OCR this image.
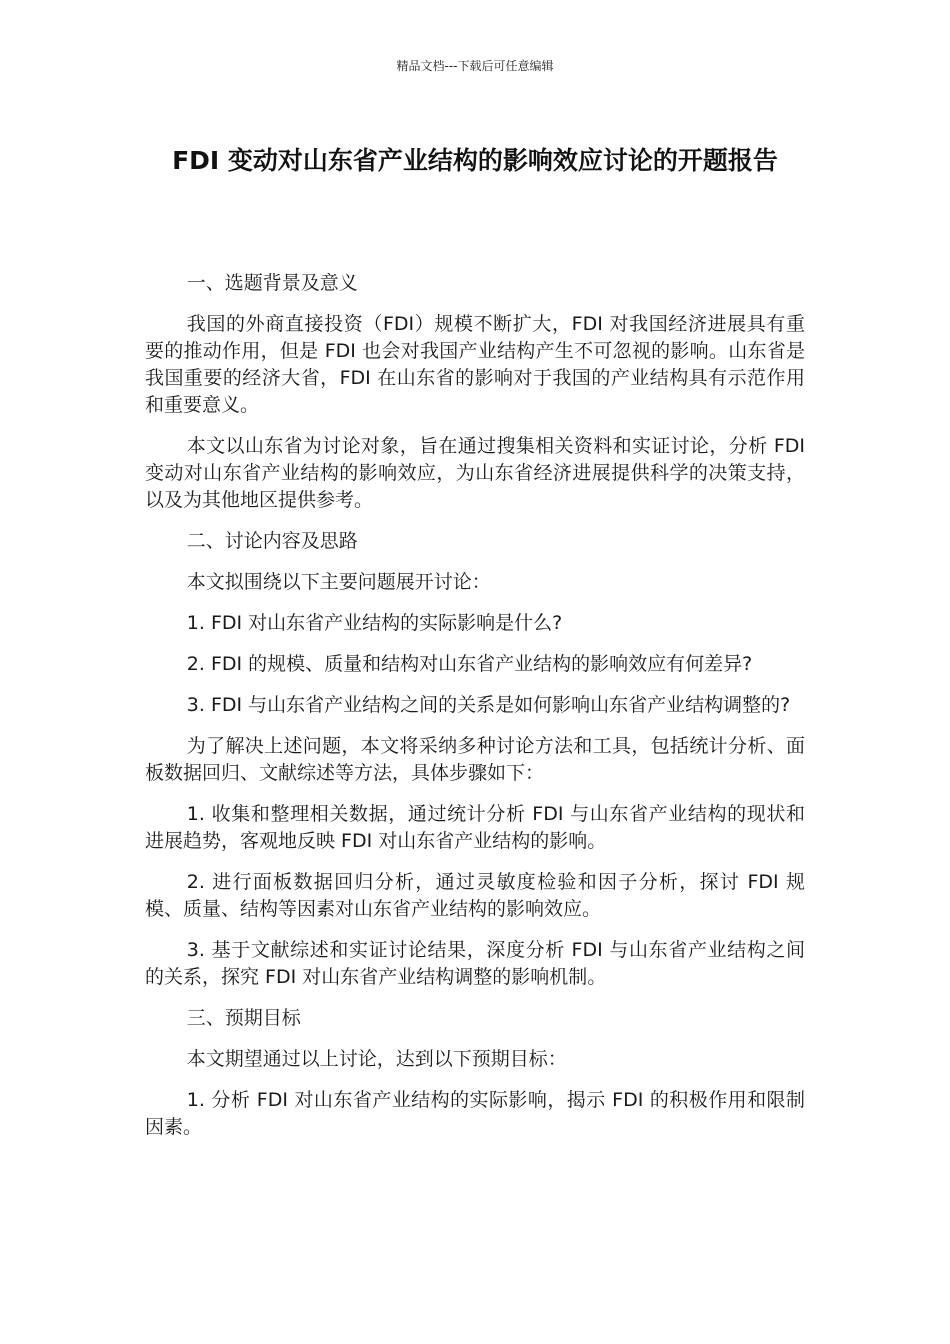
精品文档---下载后可任意编辑
FDI 变动对山东省产业结构的影响效应讨论的开题报告

一、选题背景及意义

我国的外商直接投资（FDI）规模不断扩大，FDI 对我国经济进展具有重要的推动作用，但是 FDI 也会对我国产业结构产生不可忽视的影响。山东省是我国重要的经济大省，FDI 在山东省的影响对于我国的产业结构具有示范作用和重要意义。

本文以山东省为讨论对象，旨在通过搜集相关资料和实证讨论，分析 FDI 变动对山东省产业结构的影响效应，为山东省经济进展提供科学的决策支持，以及为其他地区提供参考。

二、讨论内容及思路

本文拟围绕以下主要问题展开讨论：

1. FDI 对山东省产业结构的实际影响是什么?

2. FDI 的规模、质量和结构对山东省产业结构的影响效应有何差异?

3. FDI 与山东省产业结构之间的关系是如何影响山东省产业结构调整的?

为了解决上述问题，本文将采纳多种讨论方法和工具，包括统计分析、面板数据回归、文献综述等方法，具体步骤如下：

1. 收集和整理相关数据，通过统计分析 FDI 与山东省产业结构的现状和进展趋势，客观地反映 FDI 对山东省产业结构的影响。

2. 进行面板数据回归分析，通过灵敏度检验和因子分析，探讨 FDI 规模、质量、结构等因素对山东省产业结构的影响效应。

3. 基于文献综述和实证讨论结果，深度分析 FDI 与山东省产业结构之间的关系，探究 FDI 对山东省产业结构调整的影响机制。

三、预期目标

本文期望通过以上讨论，达到以下预期目标：

1. 分析 FDI 对山东省产业结构的实际影响，揭示 FDI 的积极作用和限制因素。
